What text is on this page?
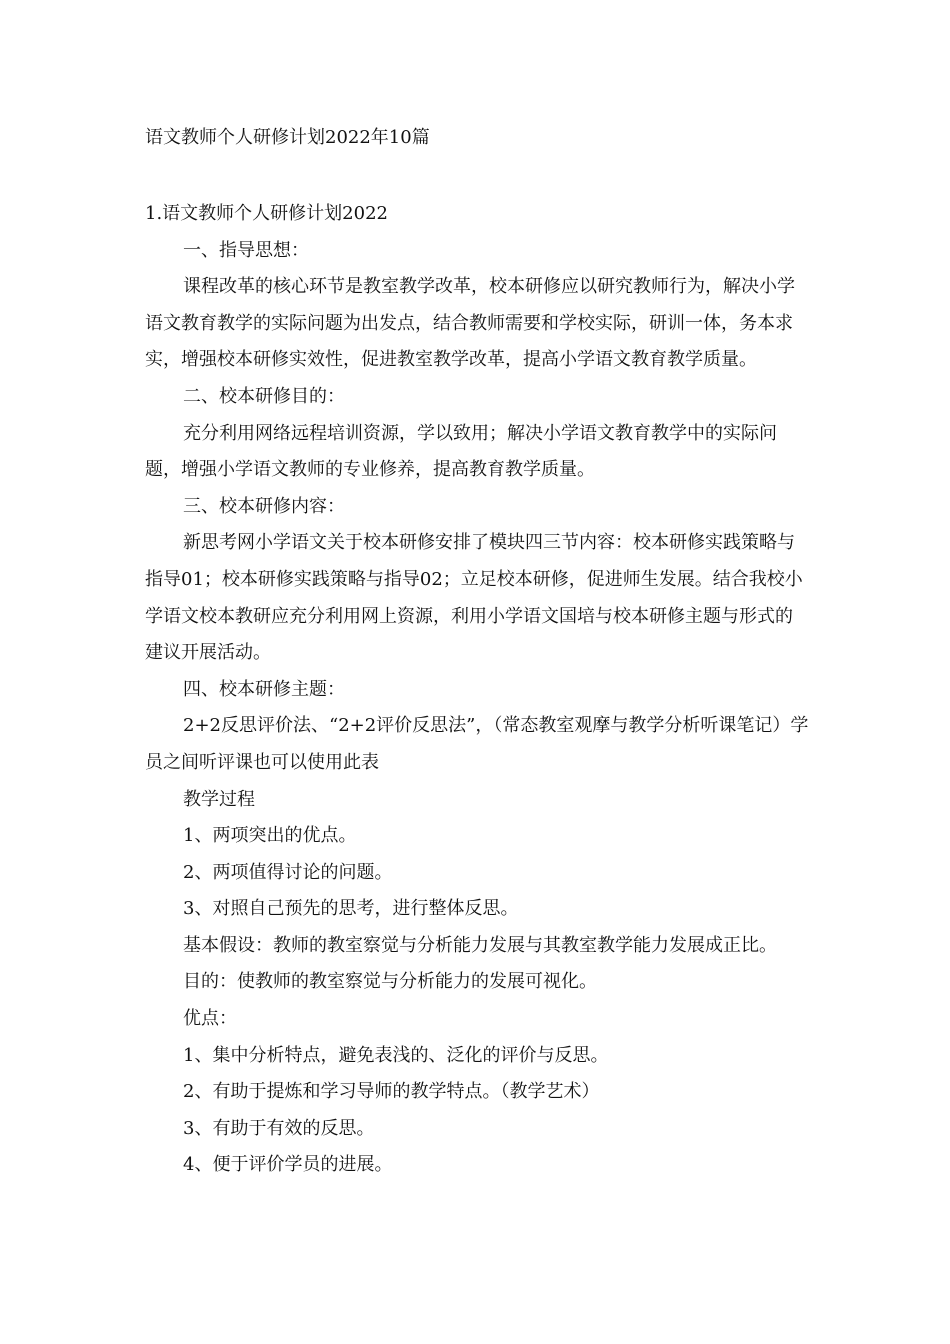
语文教师个人研修计划2022年10篇

1.语文教师个人研修计划2022

一、指导思想：

课程改革的核心环节是教室教学改革，校本研修应以研究教师行为，解决小学语文教育教学的实际问题为出发点，结合教师需要和学校实际，研训一体，务本求实，增强校本研修实效性，促进教室教学改革，提高小学语文教育教学质量。

二、校本研修目的：

充分利用网络远程培训资源，学以致用；解决小学语文教育教学中的实际问题，增强小学语文教师的专业修养，提高教育教学质量。

三、校本研修内容：

新思考网小学语文关于校本研修安排了模块四三节内容：校本研修实践策略与指导01；校本研修实践策略与指导02；立足校本研修，促进师生发展。结合我校小学语文校本教研应充分利用网上资源，利用小学语文国培与校本研修主题与形式的建议开展活动。

四、校本研修主题：

2+2反思评价法、“2+2评价反思法”，（常态教室观摩与教学分析听课笔记）学员之间听评课也可以使用此表

教学过程

1、两项突出的优点。

2、两项值得讨论的问题。

3、对照自己预先的思考，进行整体反思。

基本假设：教师的教室察觉与分析能力发展与其教室教学能力发展成正比。

目的：使教师的教室察觉与分析能力的发展可视化。

优点：

1、集中分析特点，避免表浅的、泛化的评价与反思。

2、有助于提炼和学习导师的教学特点。（教学艺术）

3、有助于有效的反思。

4、便于评价学员的进展。
